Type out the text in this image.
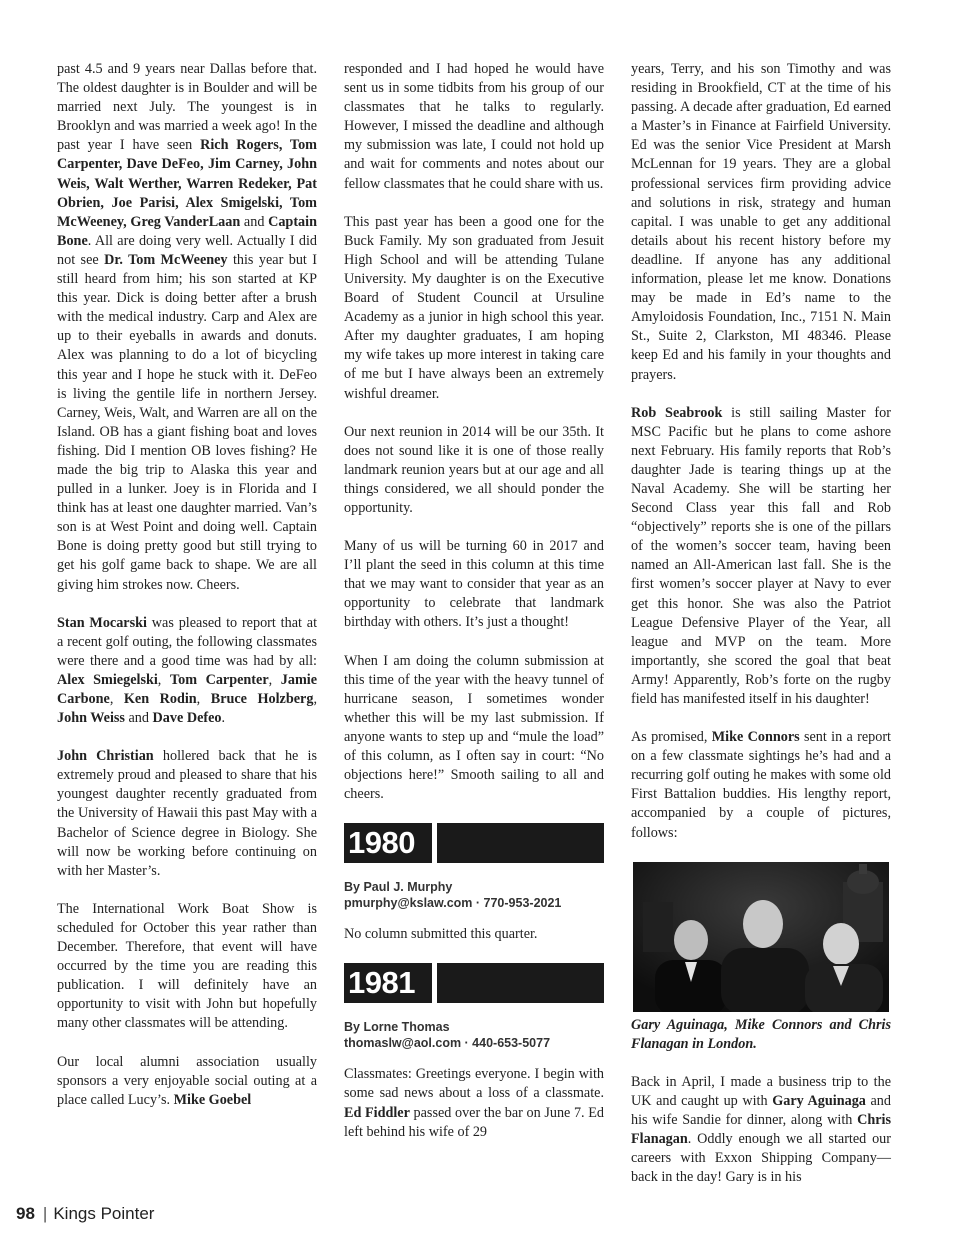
past 4.5 and 9 years near Dallas before that. The oldest daughter is in Boulder and will be married next July. The youngest is in Brooklyn and was married a week ago! In the past year I have seen Rich Rogers, Tom Carpenter, Dave DeFeo, Jim Carney, John Weis, Walt Werther, Warren Redeker, Pat Obrien, Joe Parisi, Alex Smigelski, Tom McWeeney, Greg VanderLaan and Captain Bone. All are doing very well. Actually I did not see Dr. Tom McWeeney this year but I still heard from him; his son started at KP this year. Dick is doing better after a brush with the medical industry. Carp and Alex are up to their eyeballs in awards and donuts. Alex was planning to do a lot of bicycling this year and I hope he stuck with it. DeFeo is living the gentile life in northern Jersey. Carney, Weis, Walt, and Warren are all on the Island. OB has a giant fishing boat and loves fishing. Did I mention OB loves fishing? He made the big trip to Alaska this year and pulled in a lunker. Joey is in Florida and I think has at least one daughter married. Van’s son is at West Point and doing well. Captain Bone is doing pretty good but still trying to get his golf game back to shape. We are all giving him strokes now. Cheers.

Stan Mocarski was pleased to report that at a recent golf outing, the following classmates were there and a good time was had by all: Alex Smiegelski, Tom Carpenter, Jamie Carbone, Ken Rodin, Bruce Holzberg, John Weiss and Dave Defeo.

John Christian hollered back that he is extremely proud and pleased to share that his youngest daughter recently graduated from the University of Hawaii this past May with a Bachelor of Science degree in Biology. She will now be working before continuing on with her Master’s.

The International Work Boat Show is scheduled for October this year rather than December. Therefore, that event will have occurred by the time you are reading this publication. I will definitely have an opportunity to visit with John but hopefully many other classmates will be attending.

Our local alumni association usually sponsors a very enjoyable social outing at a place called Lucy’s. Mike Goebel

responded and I had hoped he would have sent us in some tidbits from his group of our classmates that he talks to regularly. However, I missed the deadline and although my submission was late, I could not hold up and wait for comments and notes about our fellow classmates that he could share with us.

This past year has been a good one for the Buck Family. My son graduated from Jesuit High School and will be attending Tulane University. My daughter is on the Executive Board of Student Council at Ursuline Academy as a junior in high school this year. After my daughter graduates, I am hoping my wife takes up more interest in taking care of me but I have always been an extremely wishful dreamer.

Our next reunion in 2014 will be our 35th. It does not sound like it is one of those really landmark reunion years but at our age and all things considered, we all should ponder the opportunity.

Many of us will be turning 60 in 2017 and I’ll plant the seed in this column at this time that we may want to consider that year as an opportunity to celebrate that landmark birthday with others. It’s just a thought!

When I am doing the column submission at this time of the year with the heavy tunnel of hurricane season, I sometimes wonder whether this will be my last submission. If anyone wants to step up and “mule the load” of this column, as I often say in court: “No objections here!” Smooth sailing to all and cheers.

1980
By Paul J. Murphy
pmurphy@kslaw.com · 770-953-2021

No column submitted this quarter.

1981
By Lorne Thomas
thomaslw@aol.com · 440-653-5077

Classmates: Greetings everyone. I begin with some sad news about a loss of a classmate. Ed Fiddler passed over the bar on June 7. Ed left behind his wife of 29

years, Terry, and his son Timothy and was residing in Brookfield, CT at the time of his passing. A decade after graduation, Ed earned a Master’s in Finance at Fairfield University. Ed was the senior Vice President at Marsh McLennan for 19 years. They are a global professional services firm providing advice and solutions in risk, strategy and human capital. I was unable to get any additional details about his recent history before my deadline. If anyone has any additional information, please let me know. Donations may be made in Ed’s name to the Amyloidosis Foundation, Inc., 7151 N. Main St., Suite 2, Clarkston, MI 48346. Please keep Ed and his family in your thoughts and prayers.

Rob Seabrook is still sailing Master for MSC Pacific but he plans to come ashore next February. His family reports that Rob’s daughter Jade is tearing things up at the Naval Academy. She will be starting her Second Class year this fall and Rob “objectively” reports she is one of the pillars of the women’s soccer team, having been named an All-American last fall. She is the first women’s soccer player at Navy to ever get this honor. She was also the Patriot League Defensive Player of the Year, all league and MVP on the team. More importantly, she scored the goal that beat Army! Apparently, Rob’s forte on the rugby field has manifested itself in his daughter!

As promised, Mike Connors sent in a report on a few classmate sightings he’s had and a recurring golf outing he makes with some old First Battalion buddies. His lengthy report, accompanied by a couple of pictures, follows:

Gary Aguinaga, Mike Connors and Chris Flanagan in London.

Back in April, I made a business trip to the UK and caught up with Gary Aguinaga and his wife Sandie for dinner, along with Chris Flanagan. Oddly enough we all started our careers with Exxon Shipping Company—back in the day! Gary is in his

98 | Kings Pointer
